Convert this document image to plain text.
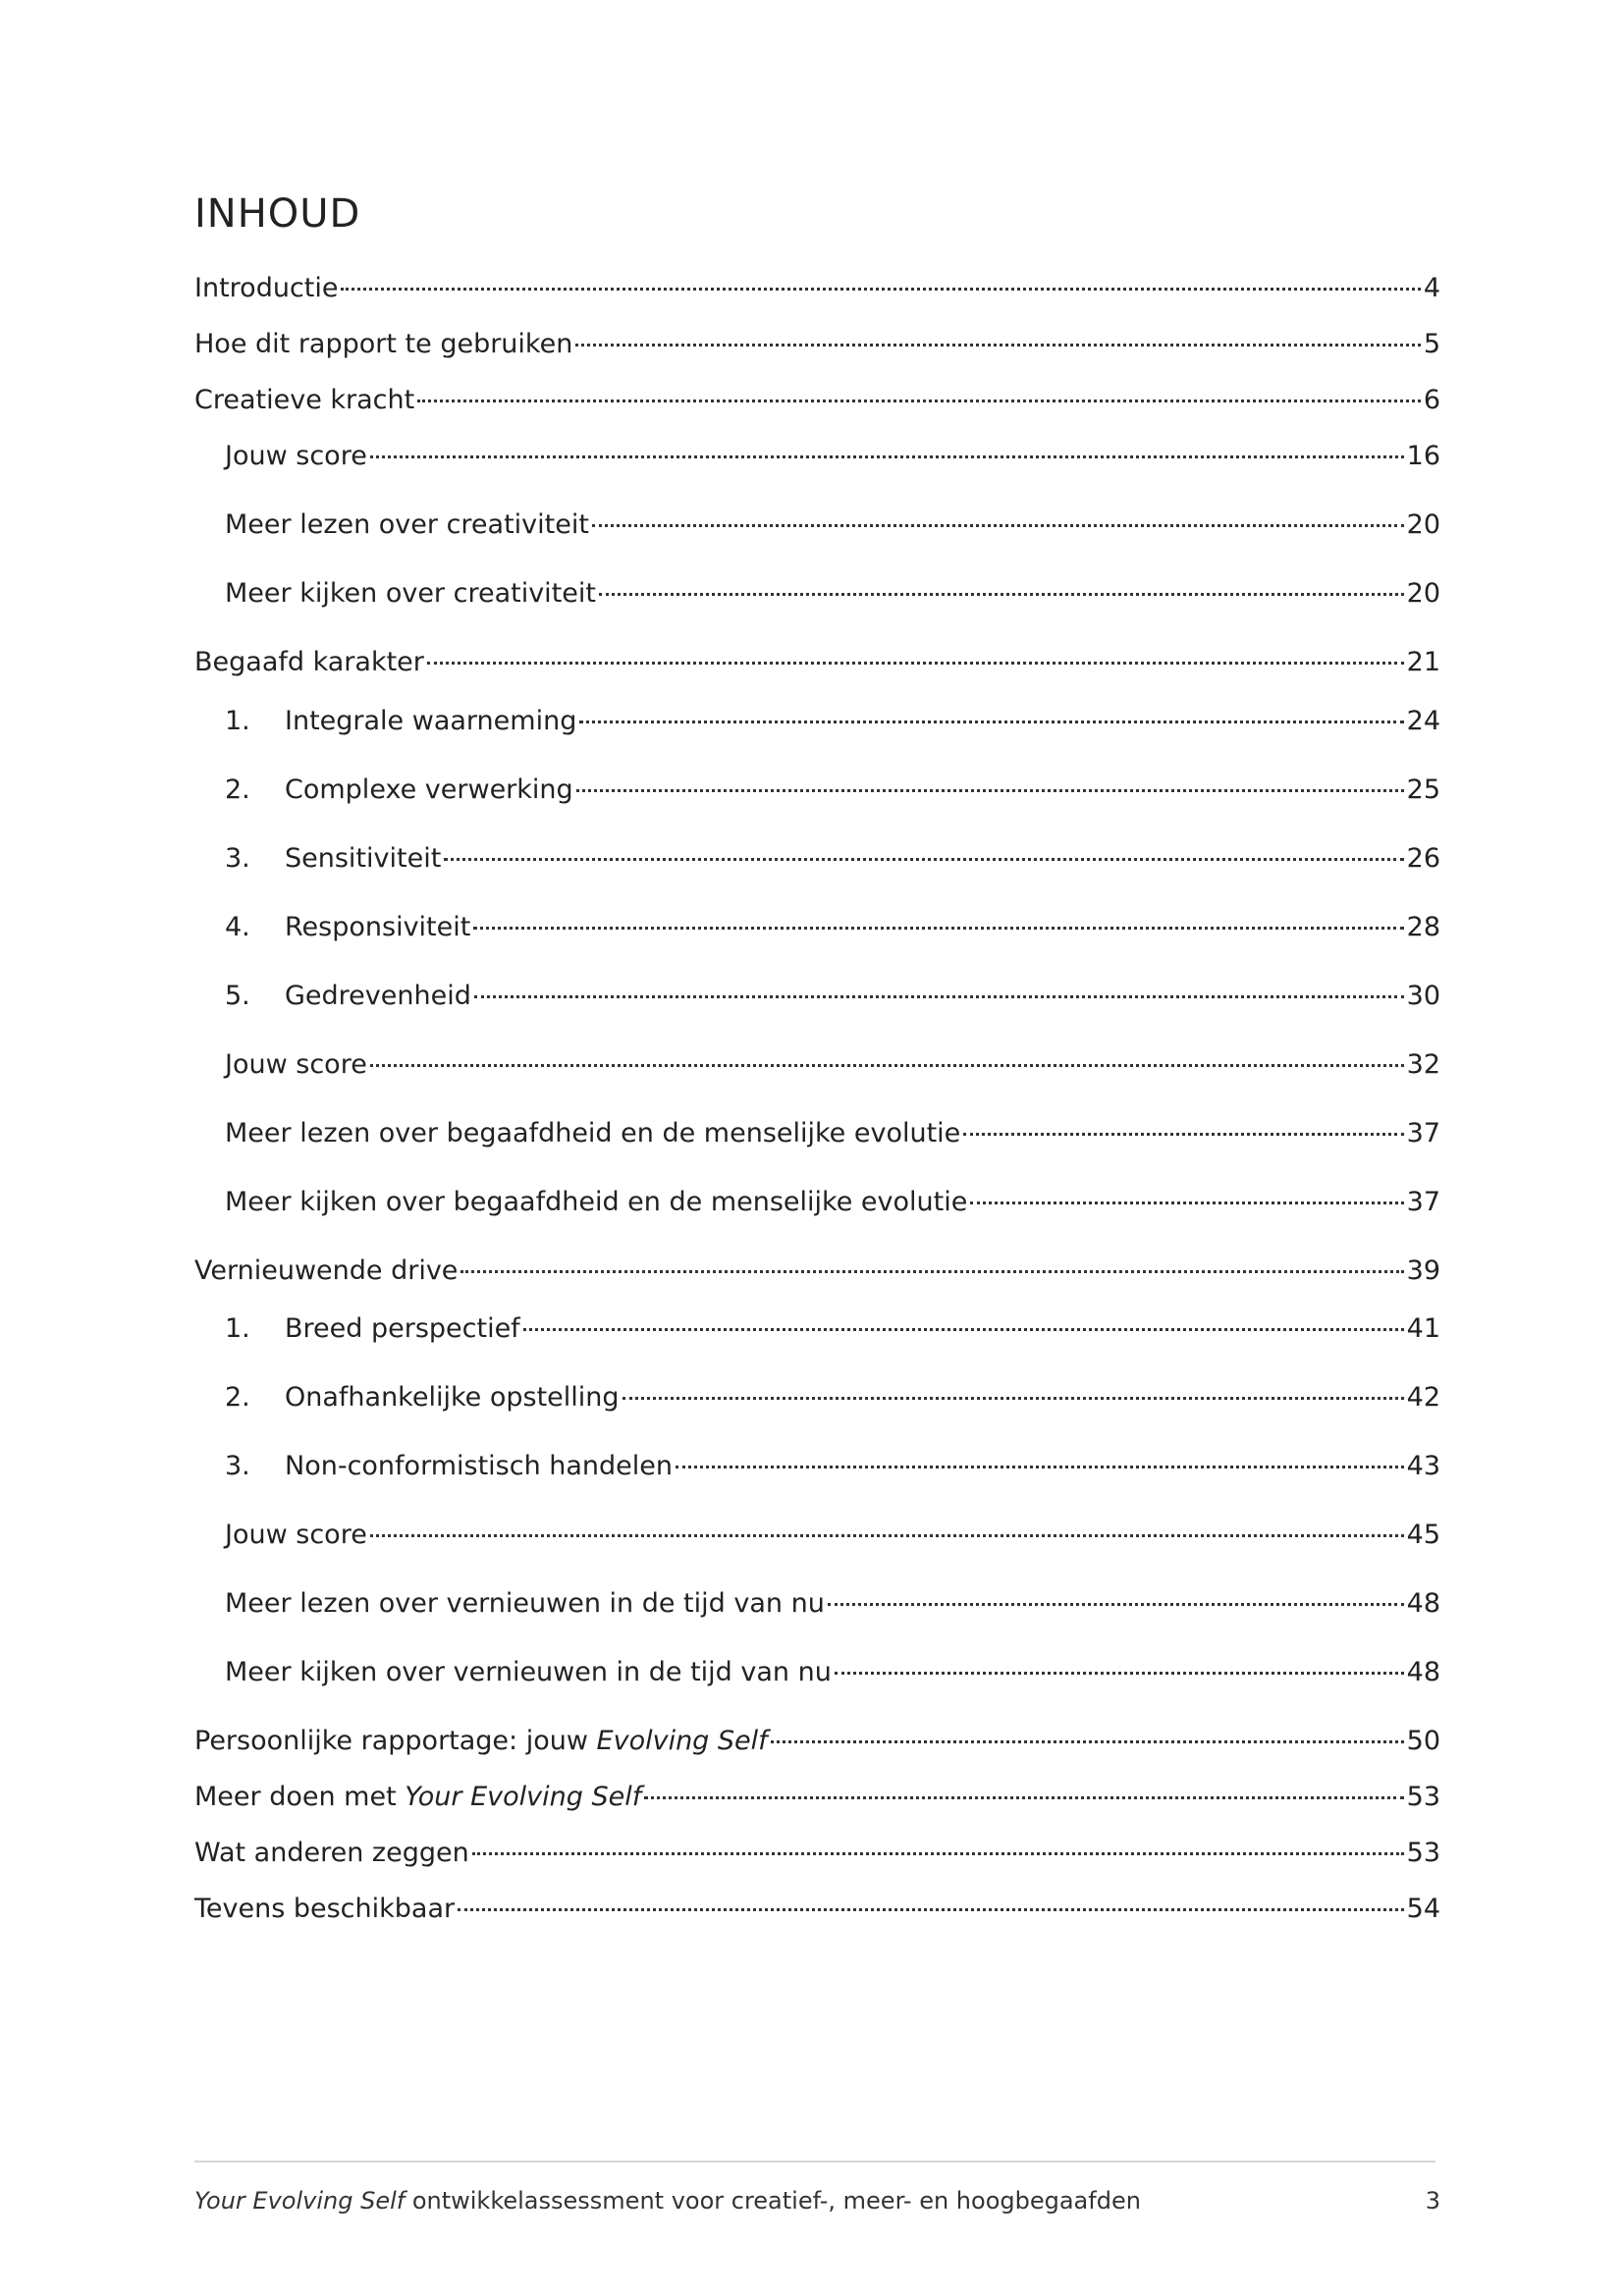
INHOUD
Introductie	4
Hoe dit rapport te gebruiken	5
Creatieve kracht	6
Jouw score	16
Meer lezen over creativiteit	20
Meer kijken over creativiteit	20
Begaafd karakter	21
1.	Integrale waarneming	24
2.	Complexe verwerking	25
3.	Sensitiviteit	26
4.	Responsiviteit	28
5.	Gedrevenheid	30
Jouw score	32
Meer lezen over begaafdheid en de menselijke evolutie	37
Meer kijken over begaafdheid en de menselijke evolutie	37
Vernieuwende drive	39
1.	Breed perspectief	41
2.	Onafhankelijke opstelling	42
3.	Non-conformistisch handelen	43
Jouw score	45
Meer lezen over vernieuwen in de tijd van nu	48
Meer kijken over vernieuwen in de tijd van nu	48
Persoonlijke rapportage: jouw Evolving Self	50
Meer doen met Your Evolving Self	53
Wat anderen zeggen	53
Tevens beschikbaar	54
Your Evolving Self ontwikkelassessment voor creatief-, meer- en hoogbegaafden	3
